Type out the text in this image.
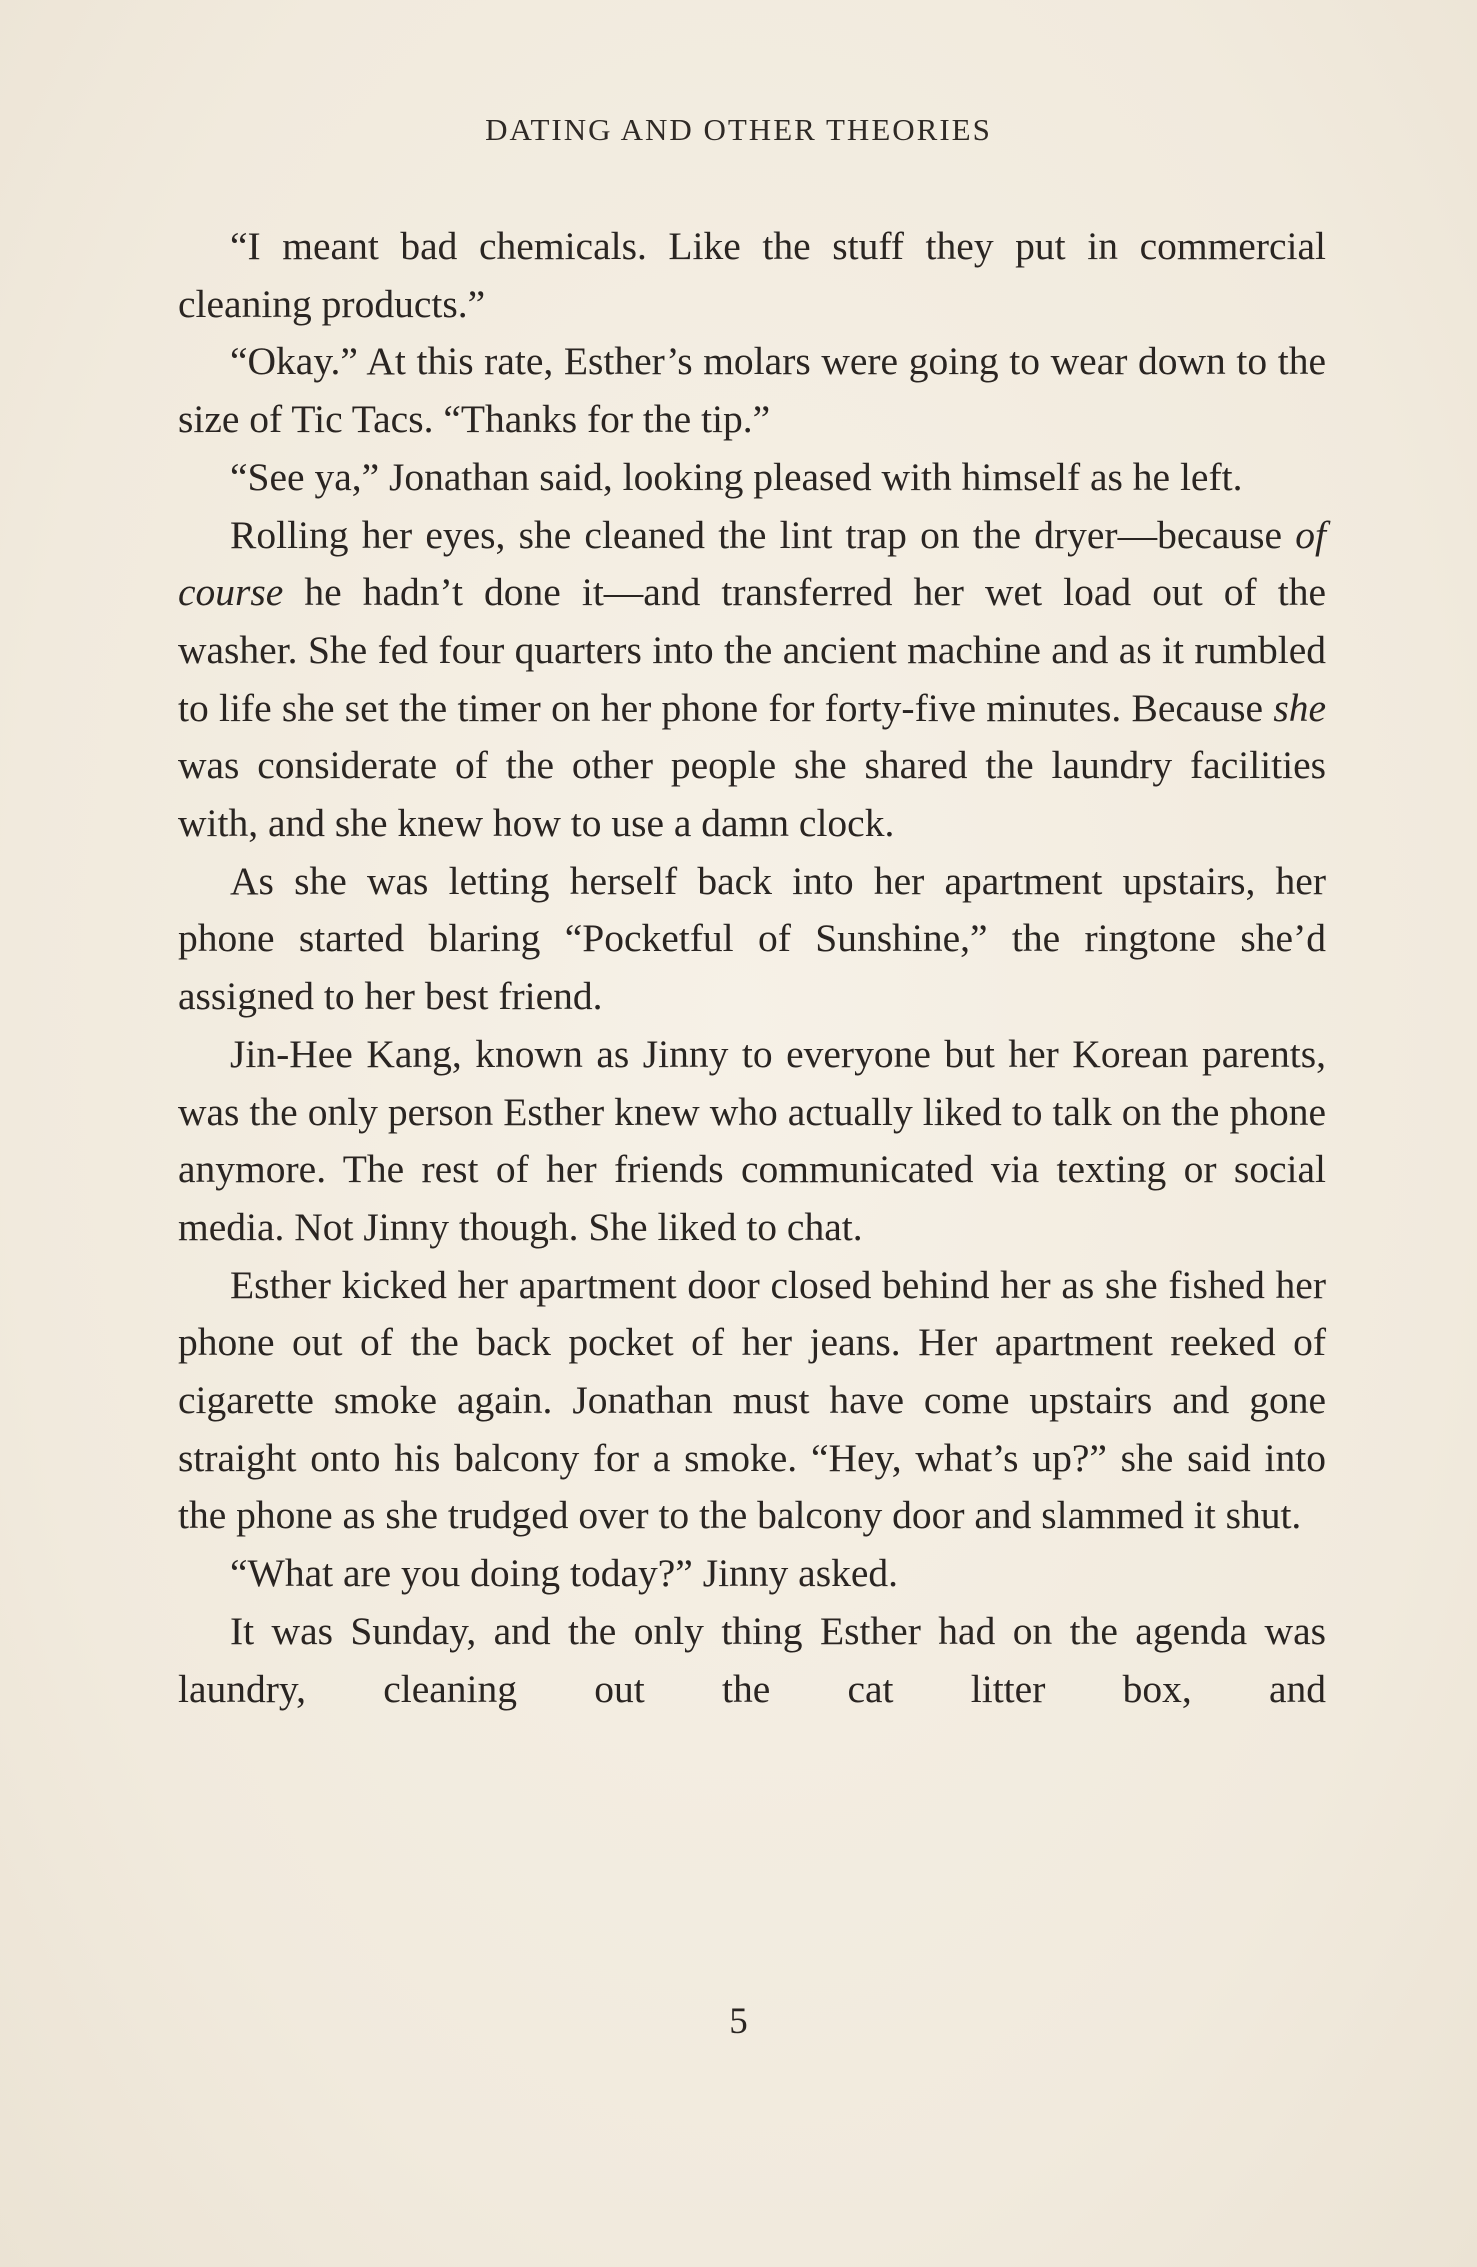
DATING AND OTHER THEORIES

“I meant bad chemicals. Like the stuff they put in commercial cleaning products.”

“Okay.” At this rate, Esther’s molars were going to wear down to the size of Tic Tacs. “Thanks for the tip.”

“See ya,” Jonathan said, looking pleased with himself as he left.

Rolling her eyes, she cleaned the lint trap on the dryer—because of course he hadn’t done it—and transferred her wet load out of the washer. She fed four quarters into the ancient machine and as it rumbled to life she set the timer on her phone for forty-five minutes. Because she was considerate of the other people she shared the laundry facilities with, and she knew how to use a damn clock.

As she was letting herself back into her apartment upstairs, her phone started blaring “Pocketful of Sunshine,” the ringtone she’d assigned to her best friend.

Jin-Hee Kang, known as Jinny to everyone but her Korean parents, was the only person Esther knew who actually liked to talk on the phone anymore. The rest of her friends communicated via texting or social media. Not Jinny though. She liked to chat.

Esther kicked her apartment door closed behind her as she fished her phone out of the back pocket of her jeans. Her apartment reeked of cigarette smoke again. Jonathan must have come upstairs and gone straight onto his balcony for a smoke. “Hey, what’s up?” she said into the phone as she trudged over to the balcony door and slammed it shut.

“What are you doing today?” Jinny asked.

It was Sunday, and the only thing Esther had on the agenda was laundry, cleaning out the cat litter box, and

5
